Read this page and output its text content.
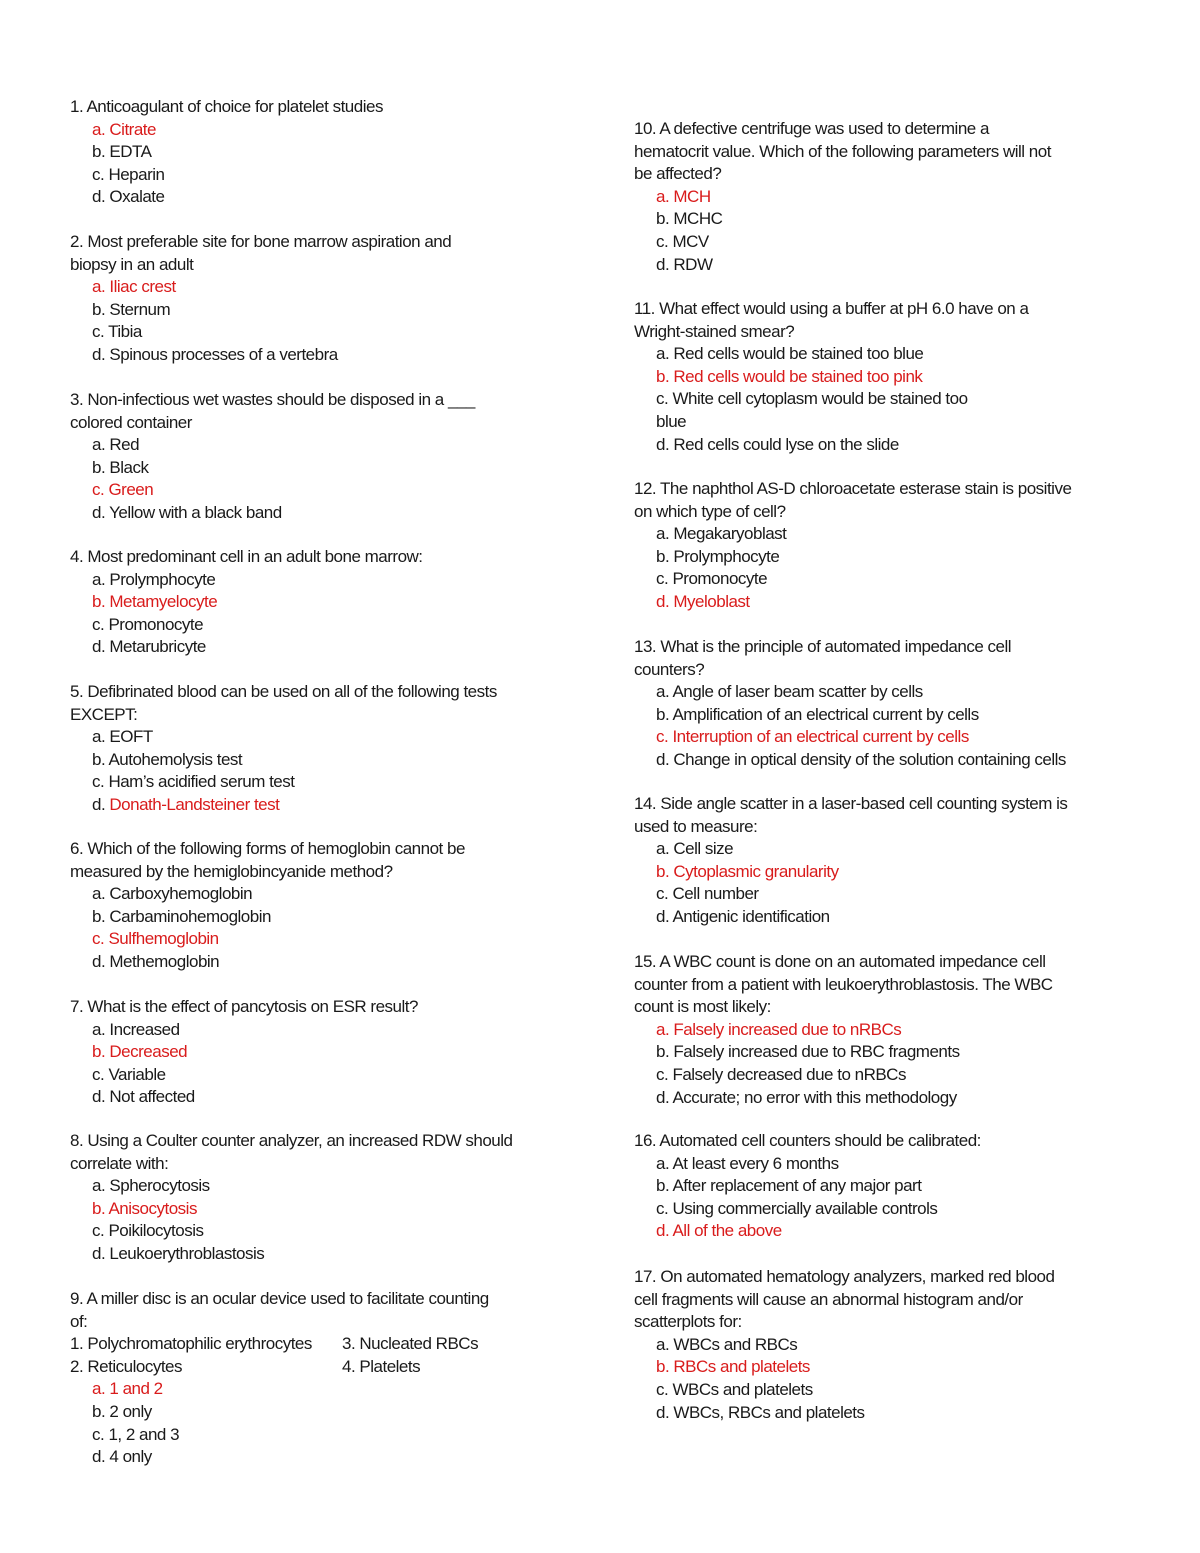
1. Anticoagulant of choice for platelet studies
a. Citrate
b. EDTA
c. Heparin
d. Oxalate
2. Most preferable site for bone marrow aspiration and
biopsy in an adult
a. Iliac crest
b. Sternum
c. Tibia
d. Spinous processes of a vertebra
3. Non-infectious wet wastes should be disposed in a ___
colored container
a. Red
b. Black
c. Green
d. Yellow with a black band
4. Most predominant cell in an adult bone marrow:
a. Prolymphocyte
b. Metamyelocyte
c. Promonocyte
d. Metarubricyte
5. Defibrinated blood can be used on all of the following tests
EXCEPT:
a. EOFT
b. Autohemolysis test
c. Ham’s acidified serum test
d. Donath-Landsteiner test
6. Which of the following forms of hemoglobin cannot be
measured by the hemiglobincyanide method?
a. Carboxyhemoglobin
b. Carbaminohemoglobin
c. Sulfhemoglobin
d. Methemoglobin
7. What is the effect of pancytosis on ESR result?
a. Increased
b. Decreased
c. Variable
d. Not affected
8. Using a Coulter counter analyzer, an increased RDW should
correlate with:
a. Spherocytosis
b. Anisocytosis
c. Poikilocytosis
d. Leukoerythroblastosis
9. A miller disc is an ocular device used to facilitate counting
of:
1. Polychromatophilic erythrocytes	3. Nucleated RBCs
2. Reticulocytes	4. Platelets
a. 1 and 2
b. 2 only
c. 1, 2 and 3
d. 4 only
10. A defective centrifuge was used to determine a
hematocrit value. Which of the following parameters will not
be affected?
a. MCH
b. MCHC
c. MCV
d. RDW
11. What effect would using a buffer at pH 6.0 have on a
Wright-stained smear?
a. Red cells would be stained too blue
b. Red cells would be stained too pink
c. White cell cytoplasm would be stained too
blue
d. Red cells could lyse on the slide
12. The naphthol AS-D chloroacetate esterase stain is positive
on which type of cell?
a. Megakaryoblast
b. Prolymphocyte
c. Promonocyte
d. Myeloblast
13. What is the principle of automated impedance cell
counters?
a. Angle of laser beam scatter by cells
b. Amplification of an electrical current by cells
c. Interruption of an electrical current by cells
d. Change in optical density of the solution containing cells
14. Side angle scatter in a laser-based cell counting system is
used to measure:
a. Cell size
b. Cytoplasmic granularity
c. Cell number
d. Antigenic identification
15. A WBC count is done on an automated impedance cell
counter from a patient with leukoerythroblastosis. The WBC
count is most likely:
a. Falsely increased due to nRBCs
b. Falsely increased due to RBC fragments
c. Falsely decreased due to nRBCs
d. Accurate; no error with this methodology
16. Automated cell counters should be calibrated:
a. At least every 6 months
b. After replacement of any major part
c. Using commercially available controls
d. All of the above
17. On automated hematology analyzers, marked red blood
cell fragments will cause an abnormal histogram and/or
scatterplots for:
a. WBCs and RBCs
b. RBCs and platelets
c. WBCs and platelets
d. WBCs, RBCs and platelets
